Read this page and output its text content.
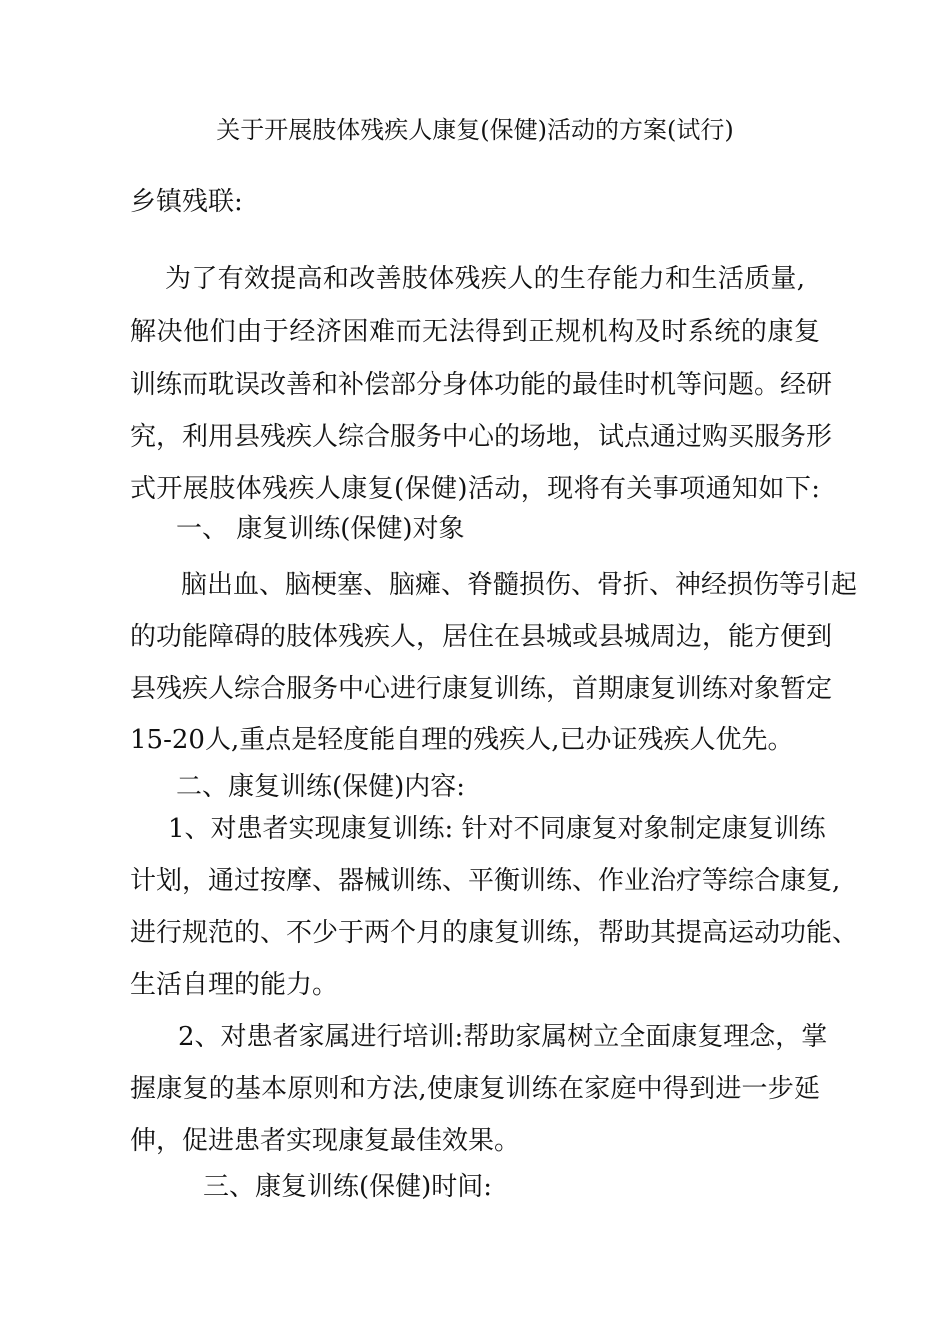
关于开展肢体残疾人康复(保健)活动的方案(试行)
乡镇残联:
为了有效提高和改善肢体残疾人的生存能力和生活质量,
解决他们由于经济困难而无法得到正规机构及时系统的康复
训练而耽误改善和补偿部分身体功能的最佳时机等问题。经研
究，利用县残疾人综合服务中心的场地，试点通过购买服务形
式开展肢体残疾人康复(保健)活动，现将有关事项通知如下:
一、 康复训练(保健)对象
脑出血、脑梗塞、脑瘫、脊髓损伤、骨折、神经损伤等引起
的功能障碍的肢体残疾人，居住在县城或县城周边，能方便到
县残疾人综合服务中心进行康复训练，首期康复训练对象暂定
15-20人,重点是轻度能自理的残疾人,已办证残疾人优先。
二、康复训练(保健)内容:
1、对患者实现康复训练: 针对不同康复对象制定康复训练
计划，通过按摩、器械训练、平衡训练、作业治疗等综合康复,
进行规范的、不少于两个月的康复训练，帮助其提高运动功能、
生活自理的能力。
2、对患者家属进行培训:帮助家属树立全面康复理念，掌
握康复的基本原则和方法,使康复训练在家庭中得到进一步延
伸，促进患者实现康复最佳效果。
三、康复训练(保健)时间:
